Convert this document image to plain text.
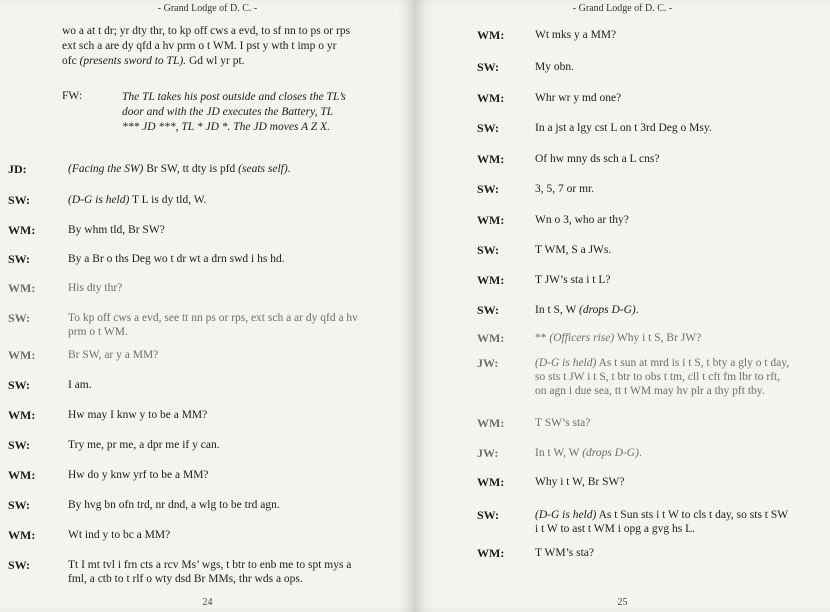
- Grand Lodge of D. C. -
wo a at t dr; yr dty thr, to kp off cws a evd, to sf nn to ps or rps ext sch a are dy qfd a hv prm o t WM. I pst y wth t imp o yr ofc (presents sword to TL). Gd wl yr pt.
FW:	The TL takes his post outside and closes the TL’s door and with the JD executes the Battery, TL *** JD ***, TL * JD *. The JD moves A Z X.
JD:	(Facing the SW) Br SW, tt dty is pfd (seats self).
SW:	(D-G is held) T L is dy tld, W.
WM:	By whm tld, Br SW?
SW:	By a Br o ths Deg wo t dr wt a drn swd i hs hd.
WM:	His dty thr?
SW:	To kp off cws a evd, see tt nn ps or rps, ext sch a ar dy qfd a hv prm o t WM.
WM:	Br SW, ar y a MM?
SW:	I am.
WM:	Hw may I knw y to be a MM?
SW:	Try me, pr me, a dpr me if y can.
WM:	Hw do y knw yrf to be a MM?
SW:	By hvg bn ofn trd, nr dnd, a wlg to be trd agn.
WM:	Wt ind y to bc a MM?
SW:	Tt I mt tvl i frn cts a rcv Ms’ wgs, t btr to enb me to spt mys a fml, a ctb to t rlf o wty dsd Br MMs, thr wds a ops.
24
- Grand Lodge of D. C. -
WM:	Wt mks y a MM?
SW:	My obn.
WM:	Whr wr y md one?
SW:	In a jst a lgy cst L on t 3rd Deg o Msy.
WM:	Of hw mny ds sch a L cns?
SW:	3, 5, 7 or mr.
WM:	Wn o 3, who ar thy?
SW:	T WM, S a JWs.
WM:	T JW’s sta i t L?
SW:	In t S, W (drops D-G).
WM:	** (Officers rise) Why i t S, Br JW?
JW:	(D-G is held) As t sun at mrd is i t S, t bty a gly o t day, so sts t JW i t S, t btr to obs t tm, cll t cft fm lbr to rft, on agn i due sea, tt t WM may hv plr a thy pft tby.
WM:	T SW’s sta?
JW:	In t W, W (drops D-G).
WM:	Why i t W, Br SW?
SW:	(D-G is held) As t Sun sts i t W to cls t day, so sts t SW i t W to ast t WM i opg a gvg hs L.
WM:	T WM’s sta?
25
